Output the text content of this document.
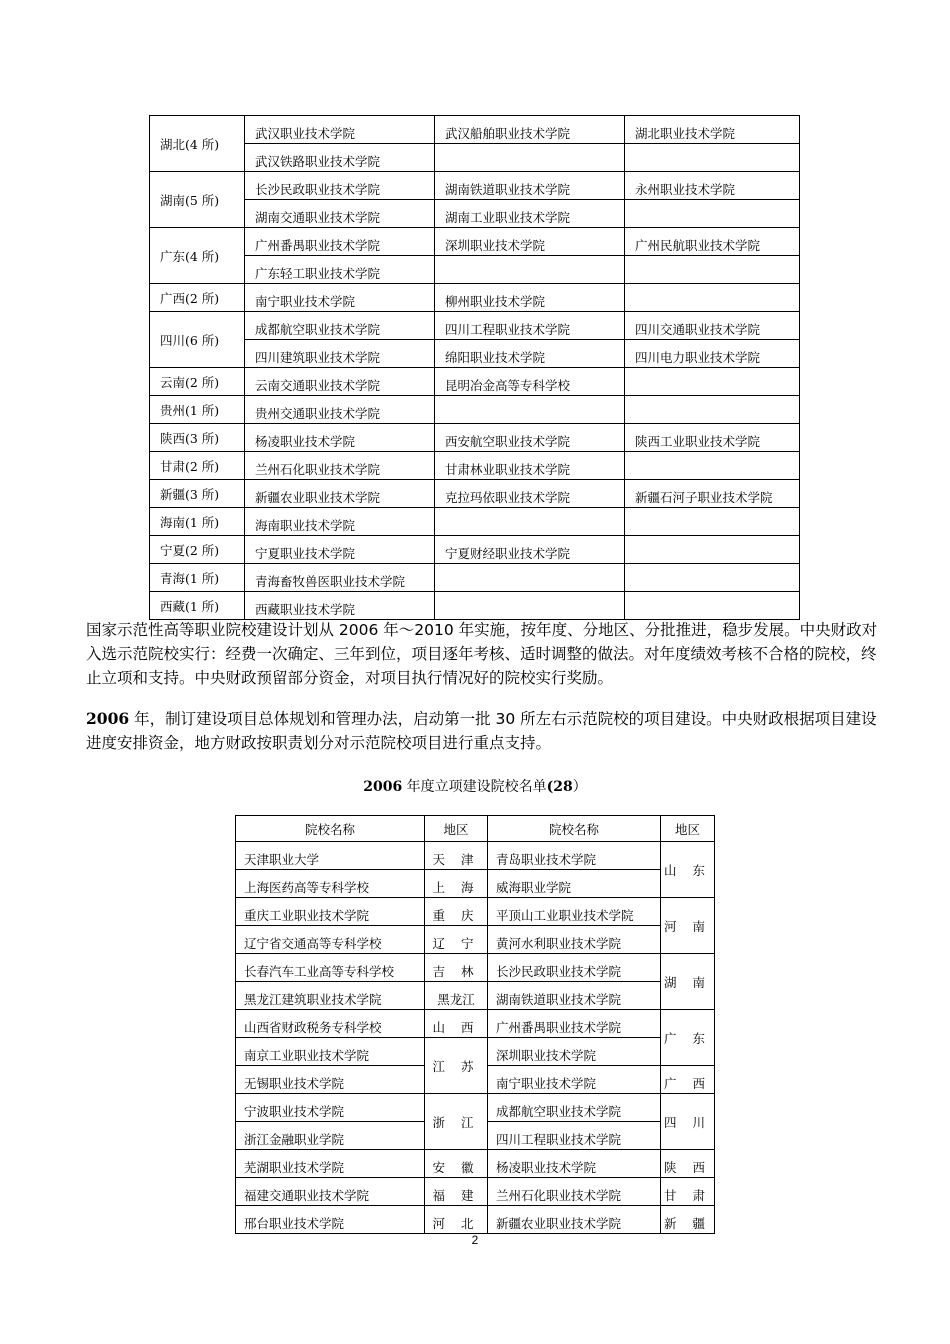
湖北(4 所)	武汉职业技术学院	武汉船舶职业技术学院	湖北职业技术学院
	武汉铁路职业技术学院		
湖南(5 所)	长沙民政职业技术学院	湖南铁道职业技术学院	永州职业技术学院
	湖南交通职业技术学院	湖南工业职业技术学院	
广东(4 所)	广州番禺职业技术学院	深圳职业技术学院	广州民航职业技术学院
	广东轻工职业技术学院		
广西(2 所)	南宁职业技术学院	柳州职业技术学院	
四川(6 所)	成都航空职业技术学院	四川工程职业技术学院	四川交通职业技术学院
	四川建筑职业技术学院	绵阳职业技术学院	四川电力职业技术学院
云南(2 所)	云南交通职业技术学院	昆明冶金高等专科学校	
贵州(1 所)	贵州交通职业技术学院		
陕西(3 所)	杨凌职业技术学院	西安航空职业技术学院	陕西工业职业技术学院
甘肃(2 所)	兰州石化职业技术学院	甘肃林业职业技术学院	
新疆(3 所)	新疆农业职业技术学院	克拉玛依职业技术学院	新疆石河子职业技术学院
海南(1 所)	海南职业技术学院		
宁夏(2 所)	宁夏职业技术学院	宁夏财经职业技术学院	
青海(1 所)	青海畜牧兽医职业技术学院		
西藏(1 所)	西藏职业技术学院		

国家示范性高等职业院校建设计划从 2006 年～2010 年实施，按年度、分地区、分批推进，稳步发展。中央财政对入选示范院校实行：经费一次确定、三年到位，项目逐年考核、适时调整的做法。对年度绩效考核不合格的院校，终止立项和支持。中央财政预留部分资金，对项目执行情况好的院校实行奖励。

2006 年，制订建设项目总体规划和管理办法，启动第一批 30 所左右示范院校的项目建设。中央财政根据项目建设进度安排资金，地方财政按职责划分对示范院校项目进行重点支持。

2006 年度立项建设院校名单(28）
院校名称	地区	院校名称	地区
天津职业大学	天 津	青岛职业技术学院	山 东
上海医药高等专科学校	上 海	威海职业学院	
重庆工业职业技术学院	重 庆	平顶山工业职业技术学院	河 南
辽宁省交通高等专科学校	辽 宁	黄河水利职业技术学院	
长春汽车工业高等专科学校	吉 林	长沙民政职业技术学院	湖 南
黑龙江建筑职业技术学院	黑龙江	湖南铁道职业技术学院	
山西省财政税务专科学校	山 西	广州番禺职业技术学院	广 东
南京工业职业技术学院	江 苏	深圳职业技术学院	
无锡职业技术学院		南宁职业技术学院	广 西
宁波职业技术学院	浙 江	成都航空职业技术学院	四 川
浙江金融职业学院		四川工程职业技术学院	
芜湖职业技术学院	安 徽	杨凌职业技术学院	陕 西
福建交通职业技术学院	福 建	兰州石化职业技术学院	甘 肃
邢台职业技术学院	河 北	新疆农业职业技术学院	新 疆
2
